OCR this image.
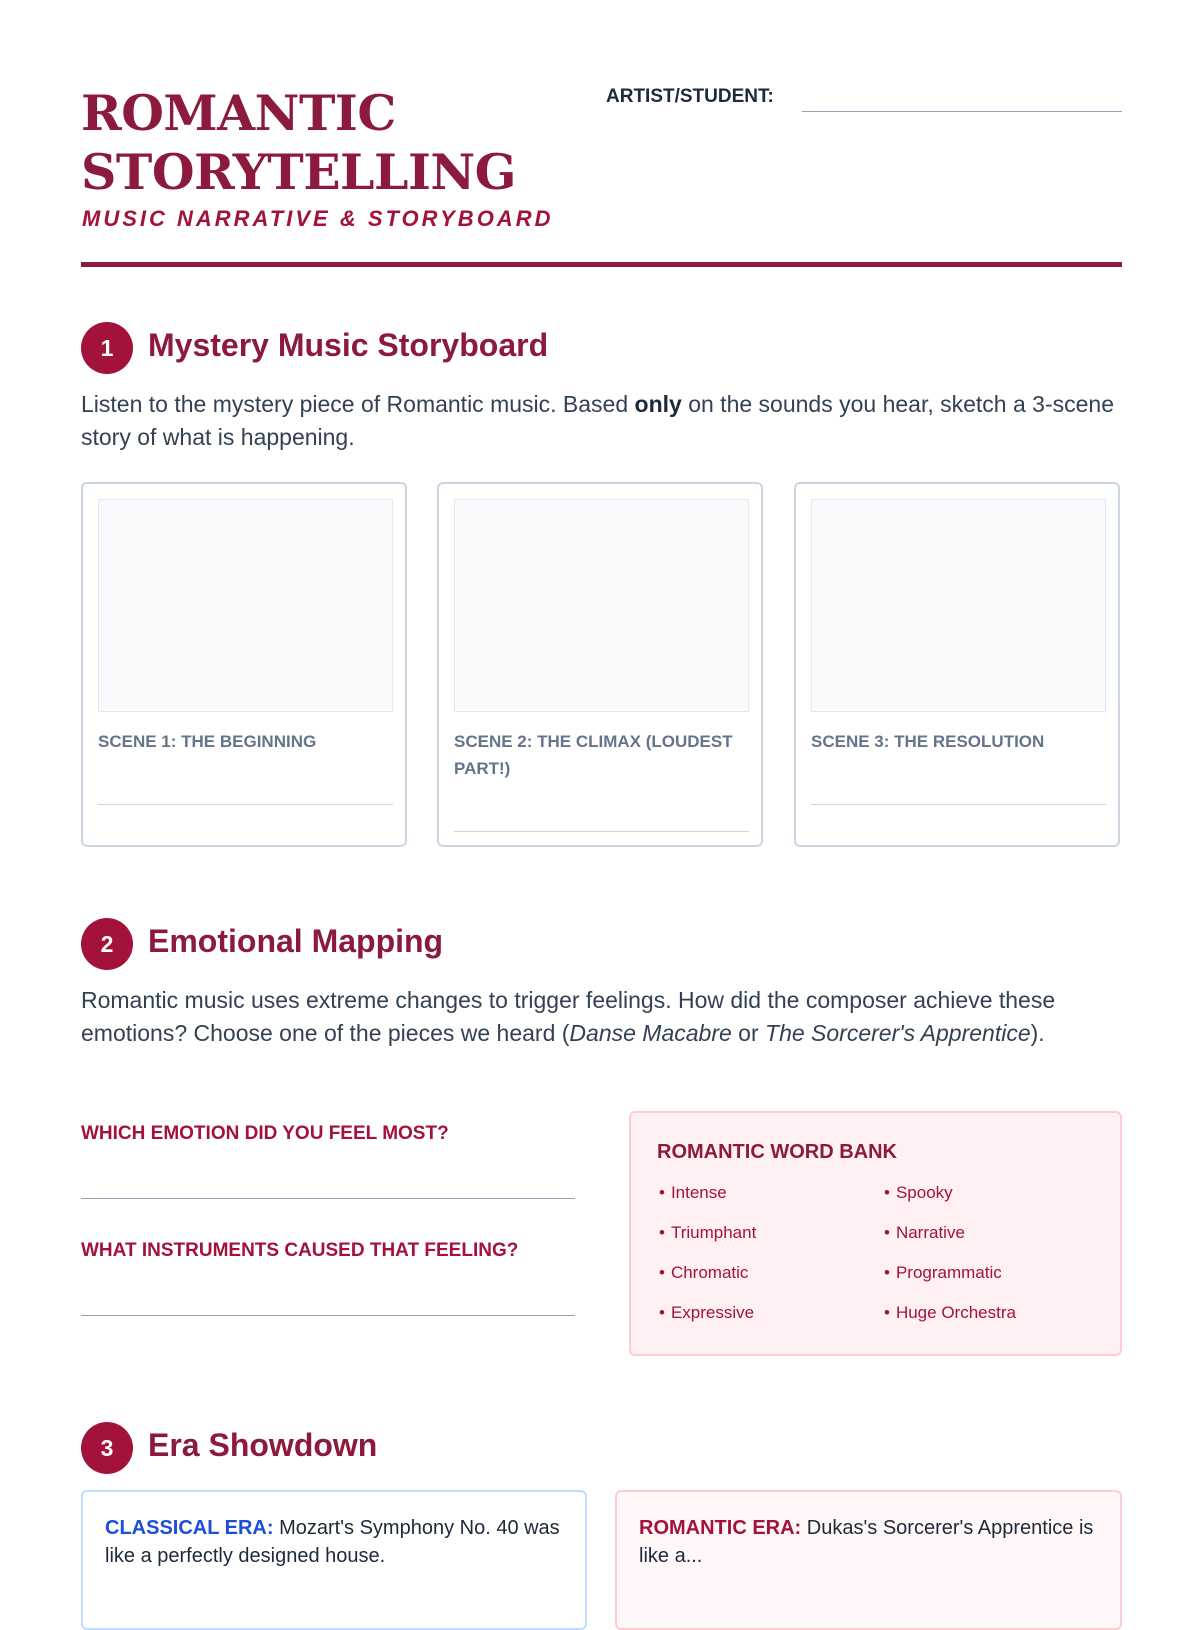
ROMANTIC
STORYTELLING
MUSIC NARRATIVE & STORYBOARD
ARTIST/STUDENT:
1	Mystery Music Storyboard

Listen to the mystery piece of Romantic music. Based only on the sounds you hear, sketch a 3-scene story of what is happening.

SCENE 1: THE BEGINNING	SCENE 2: THE CLIMAX (LOUDEST PART!)
SCENE 3: THE RESOLUTION
2	Emotional Mapping

Romantic music uses extreme changes to trigger feelings. How did the composer achieve these emotions? Choose one of the pieces we heard (Danse Macabre or The Sorcerer's Apprentice).

WHICH EMOTION DID YOU FEEL MOST?
WHAT INSTRUMENTS CAUSED THAT FEELING?
ROMANTIC WORD BANK
• Intense	• Spooky
• Triumphant	• Narrative
• Chromatic	• Programmatic
• Expressive	• Huge Orchestra
3	Era Showdown

CLASSICAL ERA: Mozart's Symphony No. 40 was like a perfectly designed house.

ROMANTIC ERA: Dukas's Sorcerer's Apprentice is like a...
